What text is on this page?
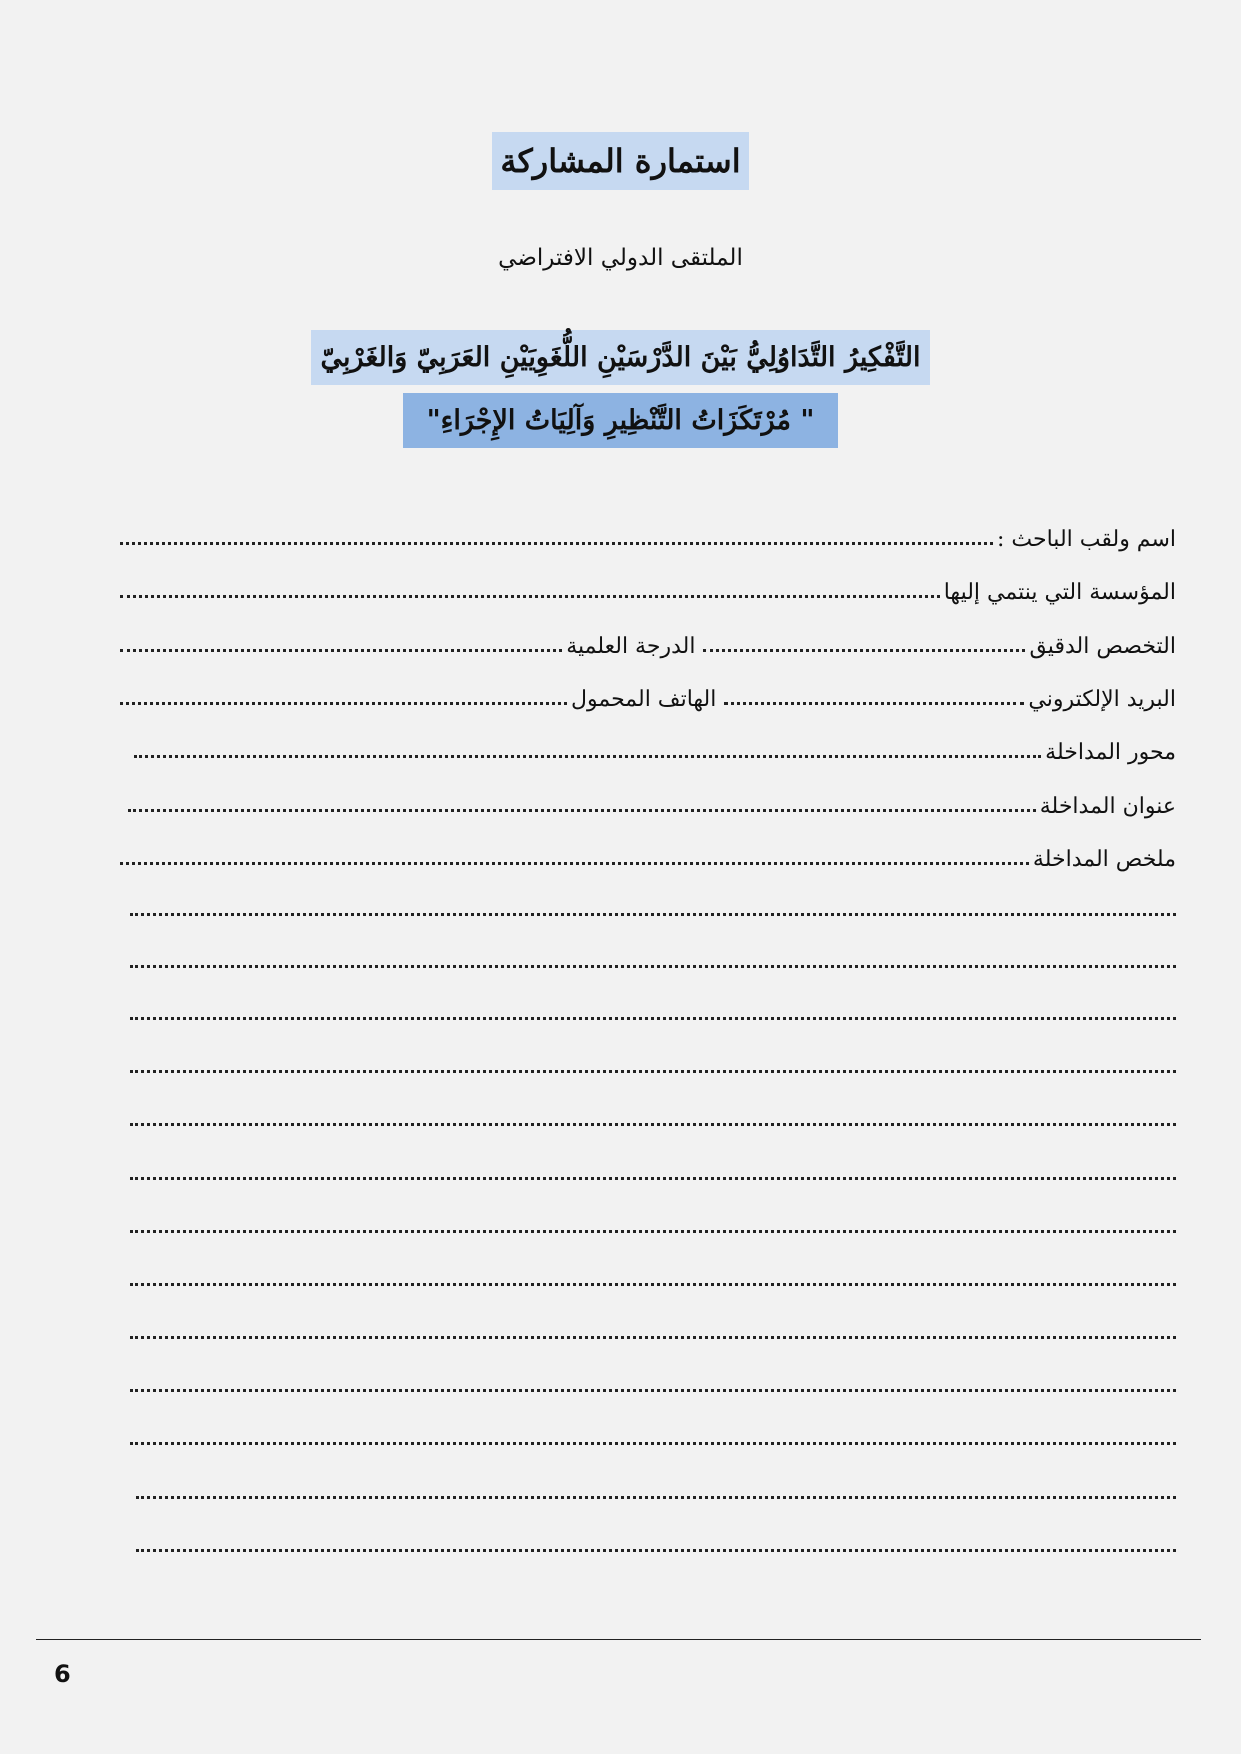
استمارة المشاركة
الملتقى الدولي الافتراضي
التَّفْكِيرُ التَّدَاوُلِيُّ بَيْنَ الدَّرْسَيْنِ اللُّغَوِيَيْنِ العَرَبِيّ وَالغَرْبِيّ
" مُرْتَكَزَاتُ التَّنْظِيرِ وَآلِيَاتُ الإِجْرَاءِ"
اسم ولقب الباحث :
المؤسسة التي ينتمي إليها
التخصص الدقيق
الدرجة العلمية
البريد الإلكتروني
الهاتف المحمول
محور المداخلة
عنوان المداخلة
ملخص المداخلة
6
